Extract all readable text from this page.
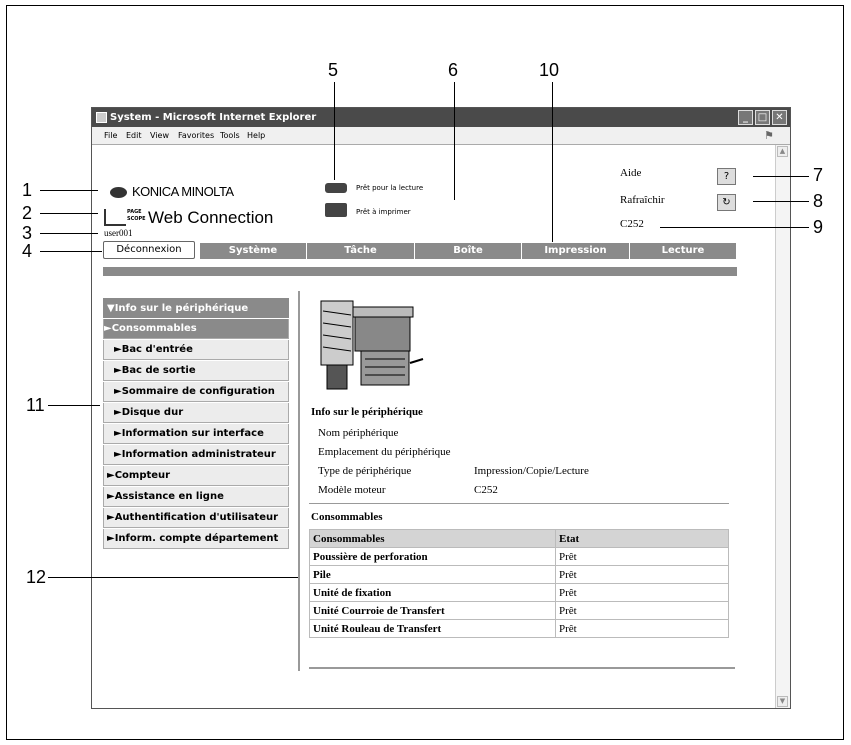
System - Microsoft Internet Explorer	_ □ ✕
File Edit View Favorites Tools Help	⚑
▲
▼
KONICA MINOLTA
PAGE
SCOPE Web Connection
user001
Prêt pour la lecture
Prêt à imprimer
Aide	?
Rafraîchir	↻
C252
Déconnexion	Système	Tâche	Boîte	Impression	Lecture
▼Info sur le périphérique
►Consommables
►Bac d'entrée
►Bac de sortie
►Sommaire de configuration
►Disque dur
►Information sur interface
►Information administrateur
►Compteur
►Assistance en ligne
►Authentification d'utilisateur
►Inform. compte département
Info sur le périphérique
Nom périphérique
Emplacement du périphérique
Type de périphérique	Impression/Copie/Lecture
Modèle moteur	C252
Consommables
Consommables	Etat
Poussière de perforation	Prêt
Pile	Prêt
Unité de fixation	Prêt
Unité Courroie de Transfert	Prêt
Unité Rouleau de Transfert	Prêt
1
2
3
4
5	6	10
7
8
9
11
12
